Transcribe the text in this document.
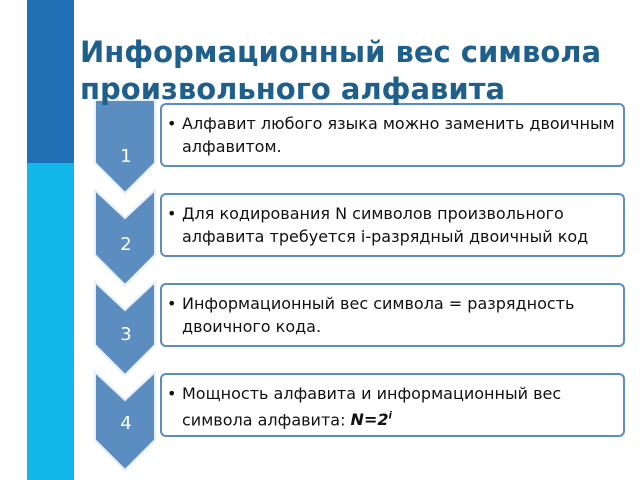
Информационный вес символа произвольного алфавита
1
2
3
4
• Алфавит любого языка можно заменить двоичным алфавитом.
• Для кодирования N символов произвольного алфавита требуется i-разрядный двоичный код
• Информационный вес символа = разрядность двоичного кода.
• Мощность алфавита и информационный вес символа алфавита: $N=2^i$
